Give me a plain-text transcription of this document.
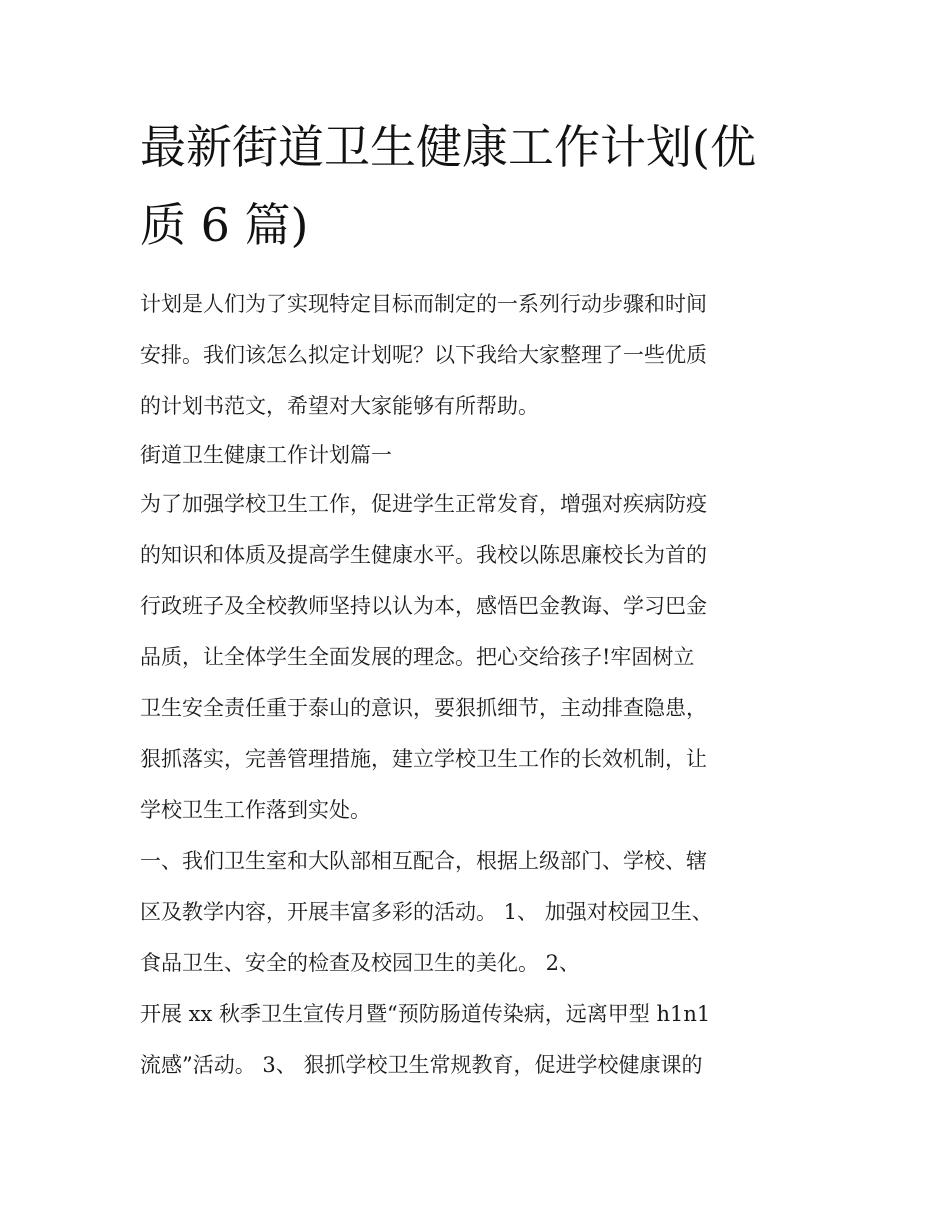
最新街道卫生健康工作计划(优
质 6 篇)
计划是人们为了实现特定目标而制定的一系列行动步骤和时间
安排。我们该怎么拟定计划呢？以下我给大家整理了一些优质
的计划书范文，希望对大家能够有所帮助。
街道卫生健康工作计划篇一
为了加强学校卫生工作，促进学生正常发育，增强对疾病防疫
的知识和体质及提高学生健康水平。我校以陈思廉校长为首的
行政班子及全校教师坚持以认为本，感悟巴金教诲、学习巴金
品质，让全体学生全面发展的理念。把心交给孩子!牢固树立
卫生安全责任重于泰山的意识，要狠抓细节，主动排查隐患，
狠抓落实，完善管理措施，建立学校卫生工作的长效机制，让
学校卫生工作落到实处。
一、我们卫生室和大队部相互配合，根据上级部门、学校、辖
区及教学内容，开展丰富多彩的活动。 1、 加强对校园卫生、
食品卫生、安全的检查及校园卫生的美化。 2、
开展 xx 秋季卫生宣传月暨“预防肠道传染病，远离甲型 h1n1
流感”活动。 3、 狠抓学校卫生常规教育，促进学校健康课的
